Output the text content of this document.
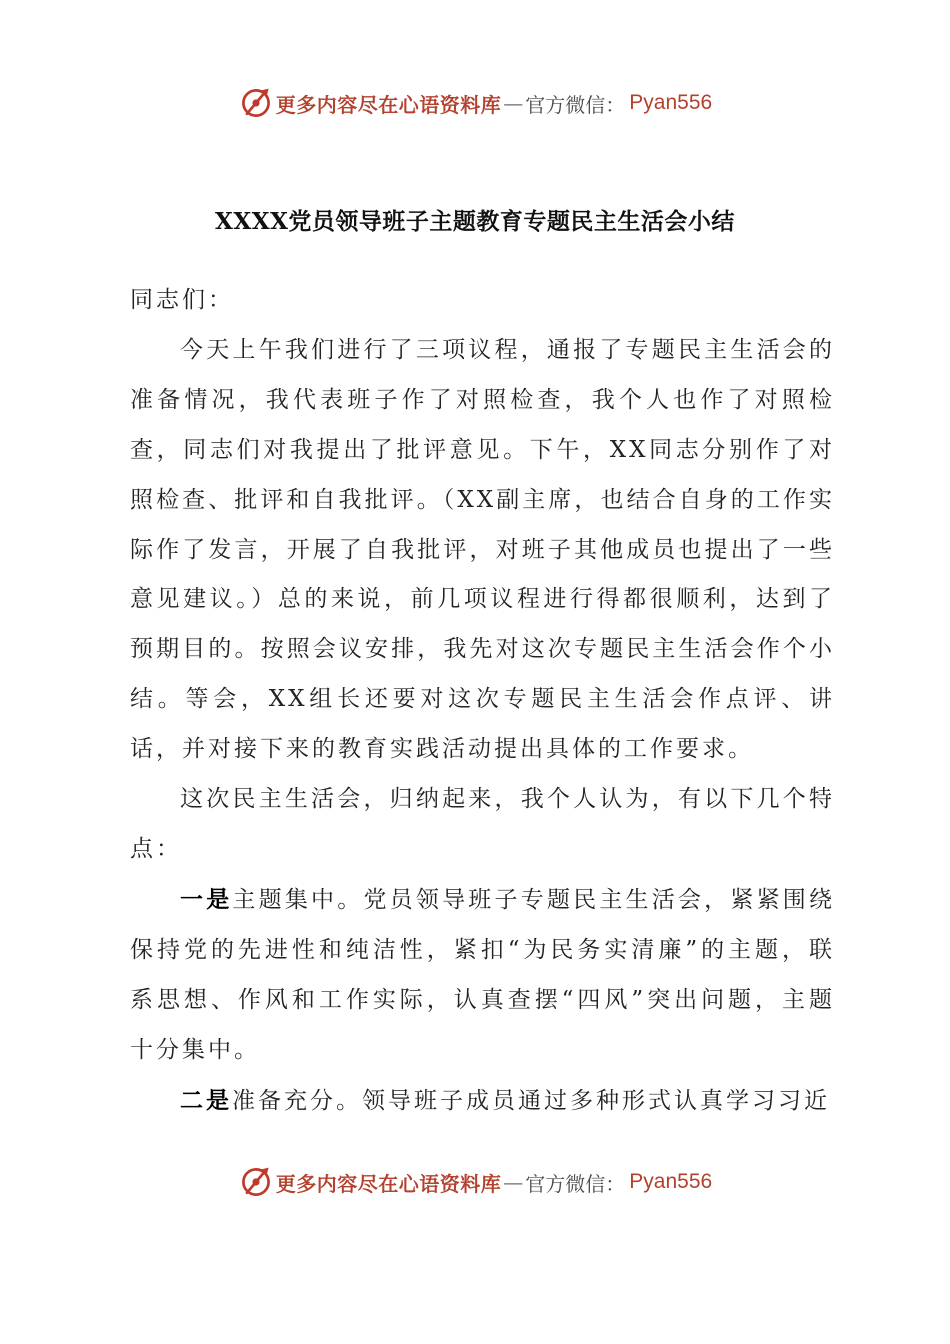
更多内容尽在心语资料库 — 官方微信： Pyan556
XXXX党员领导班子主题教育专题民主生活会小结

同志们：

今天上午我们进行了三项议程，通报了专题民主生活会的准备情况，我代表班子作了对照检查，我个人也作了对照检查，同志们对我提出了批评意见。下午，XX同志分别作了对照检查、批评和自我批评。（XX副主席，也结合自身的工作实际作了发言，开展了自我批评，对班子其他成员也提出了一些意见建议。）总的来说，前几项议程进行得都很顺利，达到了预期目的。按照会议安排，我先对这次专题民主生活会作个小结。等会，XX组长还要对这次专题民主生活会作点评、讲话，并对接下来的教育实践活动提出具体的工作要求。

这次民主生活会，归纳起来，我个人认为，有以下几个特点：

一是主题集中。党员领导班子专题民主生活会，紧紧围绕保持党的先进性和纯洁性，紧扣“为民务实清廉”的主题，联系思想、作风和工作实际，认真查摆“四风”突出问题，主题十分集中。

二是准备充分。领导班子成员通过多种形式认真学习习近

更多内容尽在心语资料库 — 官方微信： Pyan556
